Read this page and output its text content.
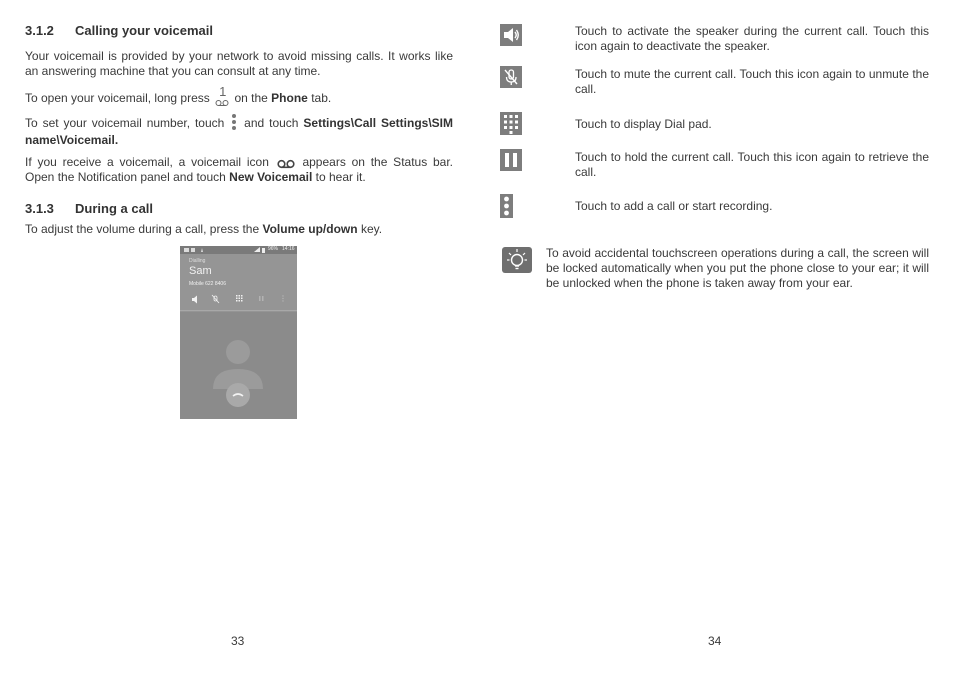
3.1.2 Calling your voicemail
Your voicemail is provided by your network to avoid missing calls. It works like an answering machine that you can consult at any time.
To open your voicemail, long press 1 on the Phone tab.
To set your voicemail number, touch and touch Settings\Call Settings\SIM name\Voicemail.
If you receive a voicemail, a voicemail icon	appears on the Status bar. Open the Notification panel and touch New Voicemail to hear it.
3.1.3 During a call
To adjust the volume during a call, press the Volume up/down key.
33
96% 14:16
Dialling
Sam
Mobile 622 8406
Touch to activate the speaker during the current call. Touch this icon again to deactivate the speaker.
Touch to mute the current call. Touch this icon again to unmute the call.
Touch to display Dial pad.
Touch to hold the current call. Touch this icon again to retrieve the call.
Touch to add a call or start recording.
To avoid accidental touchscreen operations during a call, the screen will be locked automatically when you put the phone close to your ear; it will be unlocked when the phone is taken away from your ear.
34
